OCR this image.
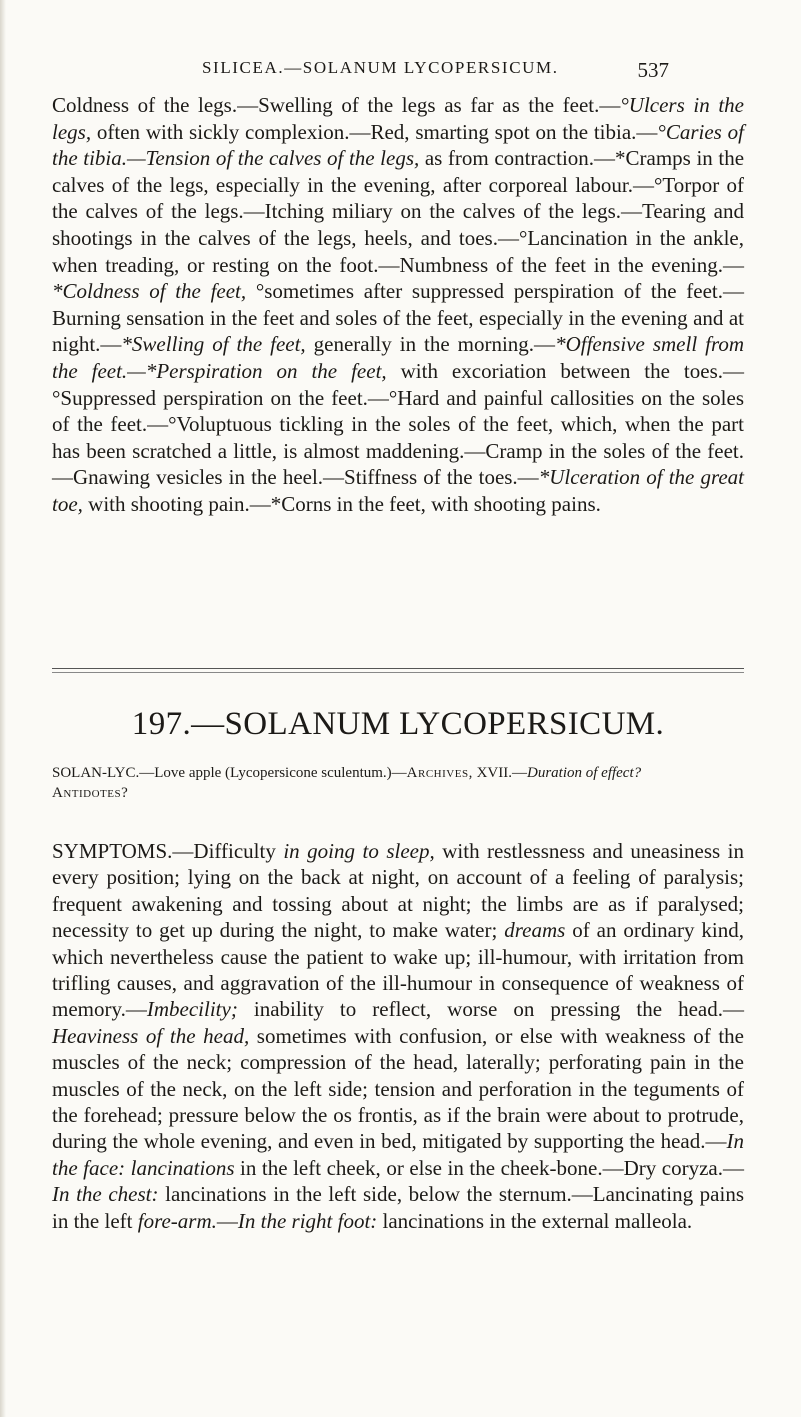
SILICEA.—SOLANUM LYCOPERSICUM.	537
Coldness of the legs.—Swelling of the legs as far as the feet.—°Ulcers in the legs, often with sickly complexion.—Red, smarting spot on the tibia.—°Caries of the tibia.—Tension of the calves of the legs, as from contraction.—*Cramps in the calves of the legs, especially in the evening, after corporeal labour.—°Torpor of the calves of the legs.—Itching miliary on the calves of the legs.—Tearing and shootings in the calves of the legs, heels, and toes.—°Lancination in the ankle, when treading, or resting on the foot.—Numbness of the feet in the evening.—*Coldness of the feet, °sometimes after suppressed perspiration of the feet.—Burning sensation in the feet and soles of the feet, especially in the evening and at night.—*Swelling of the feet, generally in the morning.—*Offensive smell from the feet.—*Perspiration on the feet, with excoriation between the toes.—°Suppressed perspiration on the feet.—°Hard and painful callosities on the soles of the feet.—°Voluptuous tickling in the soles of the feet, which, when the part has been scratched a little, is almost maddening.—Cramp in the soles of the feet.—Gnawing vesicles in the heel.—Stiffness of the toes.—*Ulceration of the great toe, with shooting pain.—*Corns in the feet, with shooting pains.
197.—SOLANUM LYCOPERSICUM.
SOLAN-LYC.—Love apple (Lycopersicone sculentum.)—Archives, XVII.—Duration of effect?
Antidotes?
SYMPTOMS.—Difficulty in going to sleep, with restlessness and uneasiness in every position; lying on the back at night, on account of a feeling of paralysis; frequent awakening and tossing about at night; the limbs are as if paralysed; necessity to get up during the night, to make water; dreams of an ordinary kind, which nevertheless cause the patient to wake up; ill-humour, with irritation from trifling causes, and aggravation of the ill-humour in consequence of weakness of memory.—Imbecility; inability to reflect, worse on pressing the head.—Heaviness of the head, sometimes with confusion, or else with weakness of the muscles of the neck; compression of the head, laterally; perforating pain in the muscles of the neck, on the left side; tension and perforation in the teguments of the forehead; pressure below the os frontis, as if the brain were about to protrude, during the whole evening, and even in bed, mitigated by supporting the head.—In the face: lancinations in the left cheek, or else in the cheek-bone.—Dry coryza.—In the chest: lancinations in the left side, below the sternum.—Lancinating pains in the left fore-arm.—In the right foot: lancinations in the external malleola.
